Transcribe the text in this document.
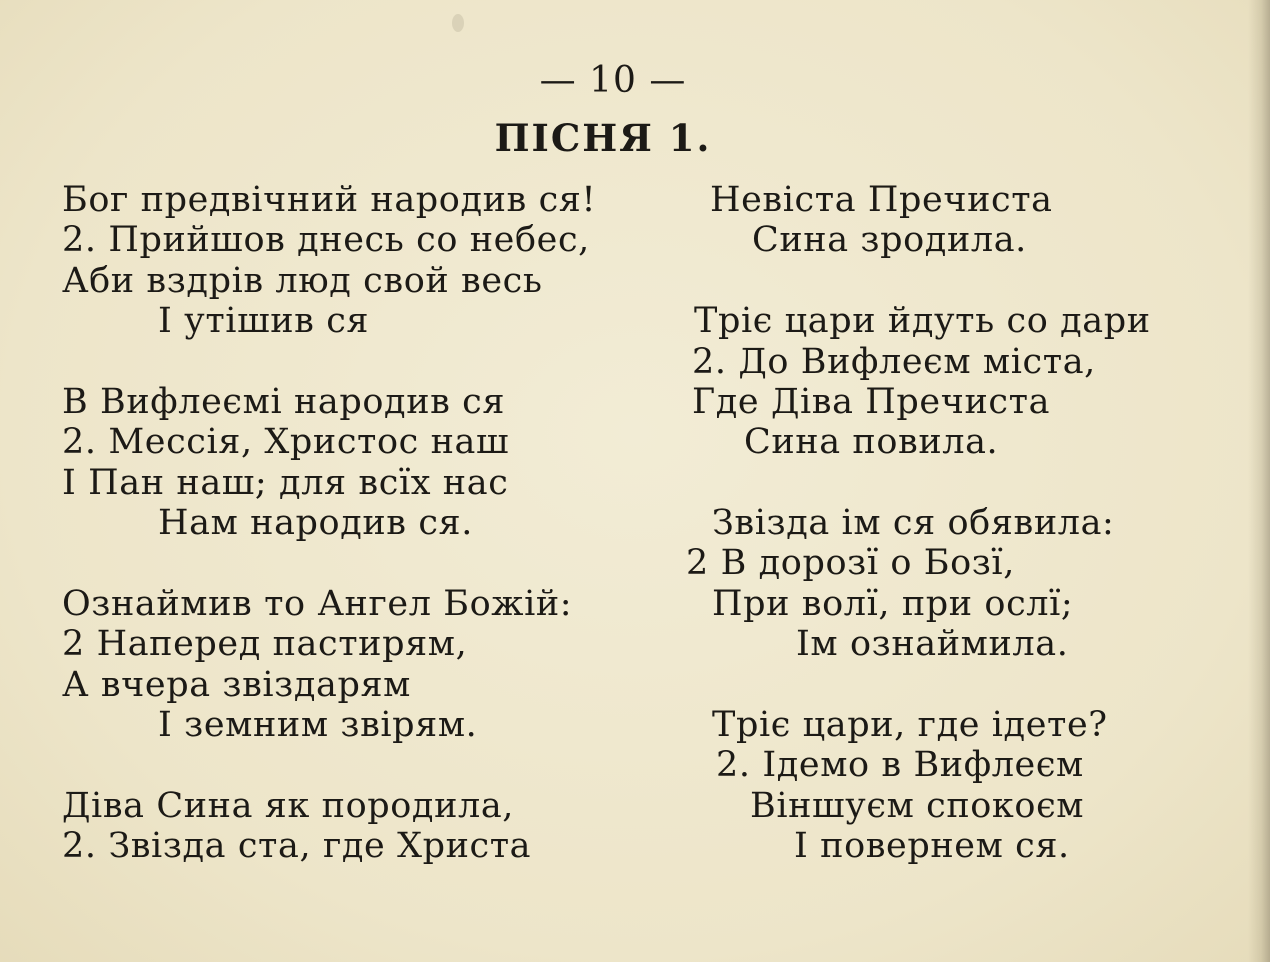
— 10 —
ПІСНЯ 1.
Бог предвічний народив ся!
2. Прийшов днесь со небес,
Аби вздрів люд свой весь
І утішив ся
В Вифлеємі народив ся
2. Мессія, Христос наш
І Пан наш; для всїх нас
Нам народив ся.
Ознаймив то Ангел Божій:
2 Наперед пастирям,
А вчера звіздарям
І земним звірям.
Діва Сина як породила,
2. Звізда ста, где Христа
Невіста Пречиста
Сина зродила.
Тріє цари йдуть со дари
2. До Вифлеєм міста,
Где Діва Пречиста
Сина повила.
Звізда ім ся обявила:
2 В дорозї о Бозї,
При волї, при ослї;
Ім ознаймила.
Тріє цари, где ідете?
2. Ідемо в Вифлеєм
Віншуєм спокоєм
І повернем ся.
